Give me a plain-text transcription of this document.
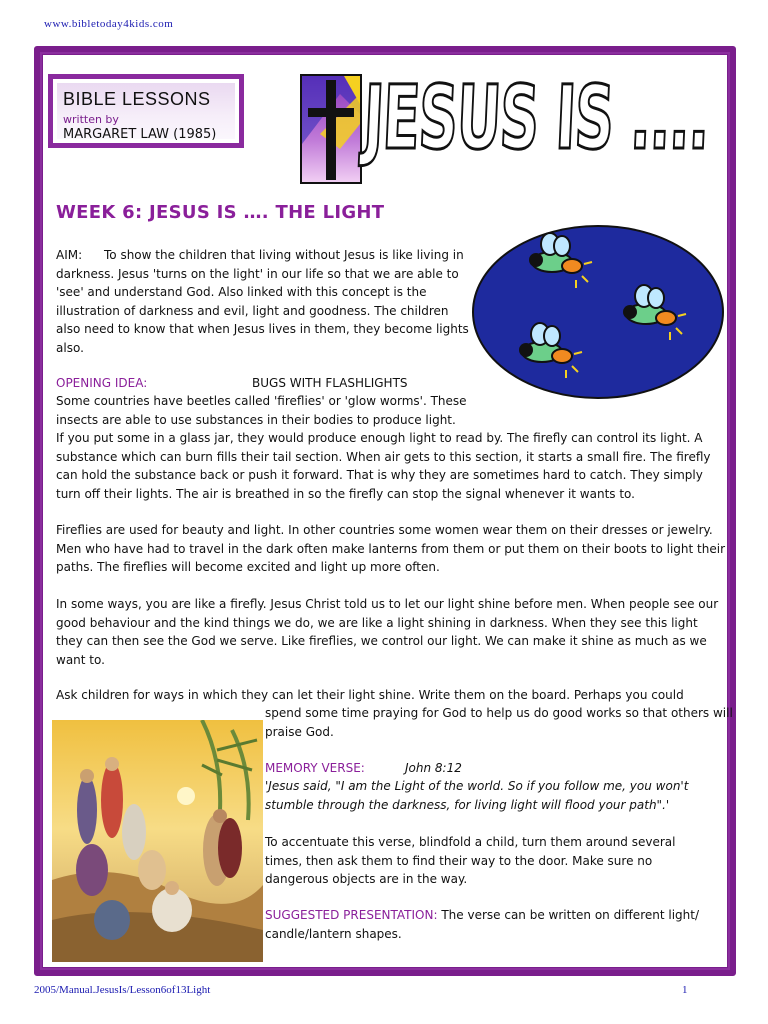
www.bibletoday4kids.com
BIBLE LESSONS
written by
MARGARET LAW (1985) JESUS IS ....
WEEK 6: JESUS IS …. THE LIGHT
AIM: To show the children that living without Jesus is like living in darkness. Jesus 'turns on the light' in our life so that we are able to 'see' and understand God. Also linked with this concept is the illustration of darkness and evil, light and goodness. The children also need to know that when Jesus lives in them, they become lights also.
OPENING IDEA:	BUGS WITH FLASHLIGHTS
Some countries have beetles called 'fireflies' or 'glow worms'. These insects are able to use substances in their bodies to produce light.
If you put some in a glass jar, they would produce enough light to read by. The firefly can control its light. A substance which can burn fills their tail section. When air gets to this section, it starts a small fire. The firefly can hold the substance back or push it forward. That is why they are sometimes hard to catch. They simply turn off their lights. The air is breathed in so the firefly can stop the signal whenever it wants to.
Fireflies are used for beauty and light. In other countries some women wear them on their dresses or jewelry. Men who have had to travel in the dark often make lanterns from them or put them on their boots to light their paths. The fireflies will become excited and light up more often.
In some ways, you are like a firefly. Jesus Christ told us to let our light shine before men. When people see our good behaviour and the kind things we do, we are like a light shining in darkness. When they see this light they can then see the God we serve. Like fireflies, we control our light. We can make it shine as much as we want to.
Ask children for ways in which they can let their light shine. Write them on the board. Perhaps you could
spend some time praying for God to help us do good works so that others will praise God.
MEMORY VERSE:	John 8:12
'Jesus said, "I am the Light of the world. So if you follow me, you won't stumble through the darkness, for living light will flood your path".'
To accentuate this verse, blindfold a child, turn them around several times, then ask them to find their way to the door. Make sure no dangerous objects are in the way.
SUGGESTED PRESENTATION: The verse can be written on different light/ candle/lantern shapes.
2005/Manual.JesusIs/Lesson6of13Light	1
